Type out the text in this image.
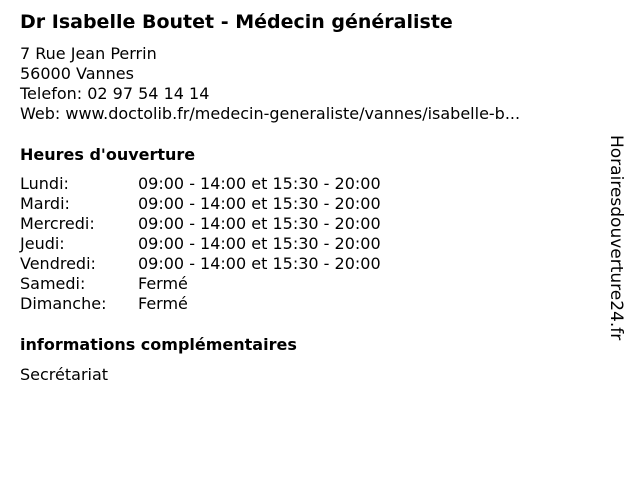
Dr Isabelle Boutet - Médecin généraliste
7 Rue Jean Perrin
56000 Vannes
Telefon: 02 97 54 14 14
Web: www.doctolib.fr/medecin-generaliste/vannes/isabelle-b...
Heures d'ouverture
Lundi:	09:00 - 14:00 et 15:30 - 20:00
Mardi:	09:00 - 14:00 et 15:30 - 20:00
Mercredi:	09:00 - 14:00 et 15:30 - 20:00
Jeudi:	09:00 - 14:00 et 15:30 - 20:00
Vendredi:	09:00 - 14:00 et 15:30 - 20:00
Samedi:	Fermé
Dimanche: Fermé
informations complémentaires
Secrétariat
Horairesdouverture24.fr
